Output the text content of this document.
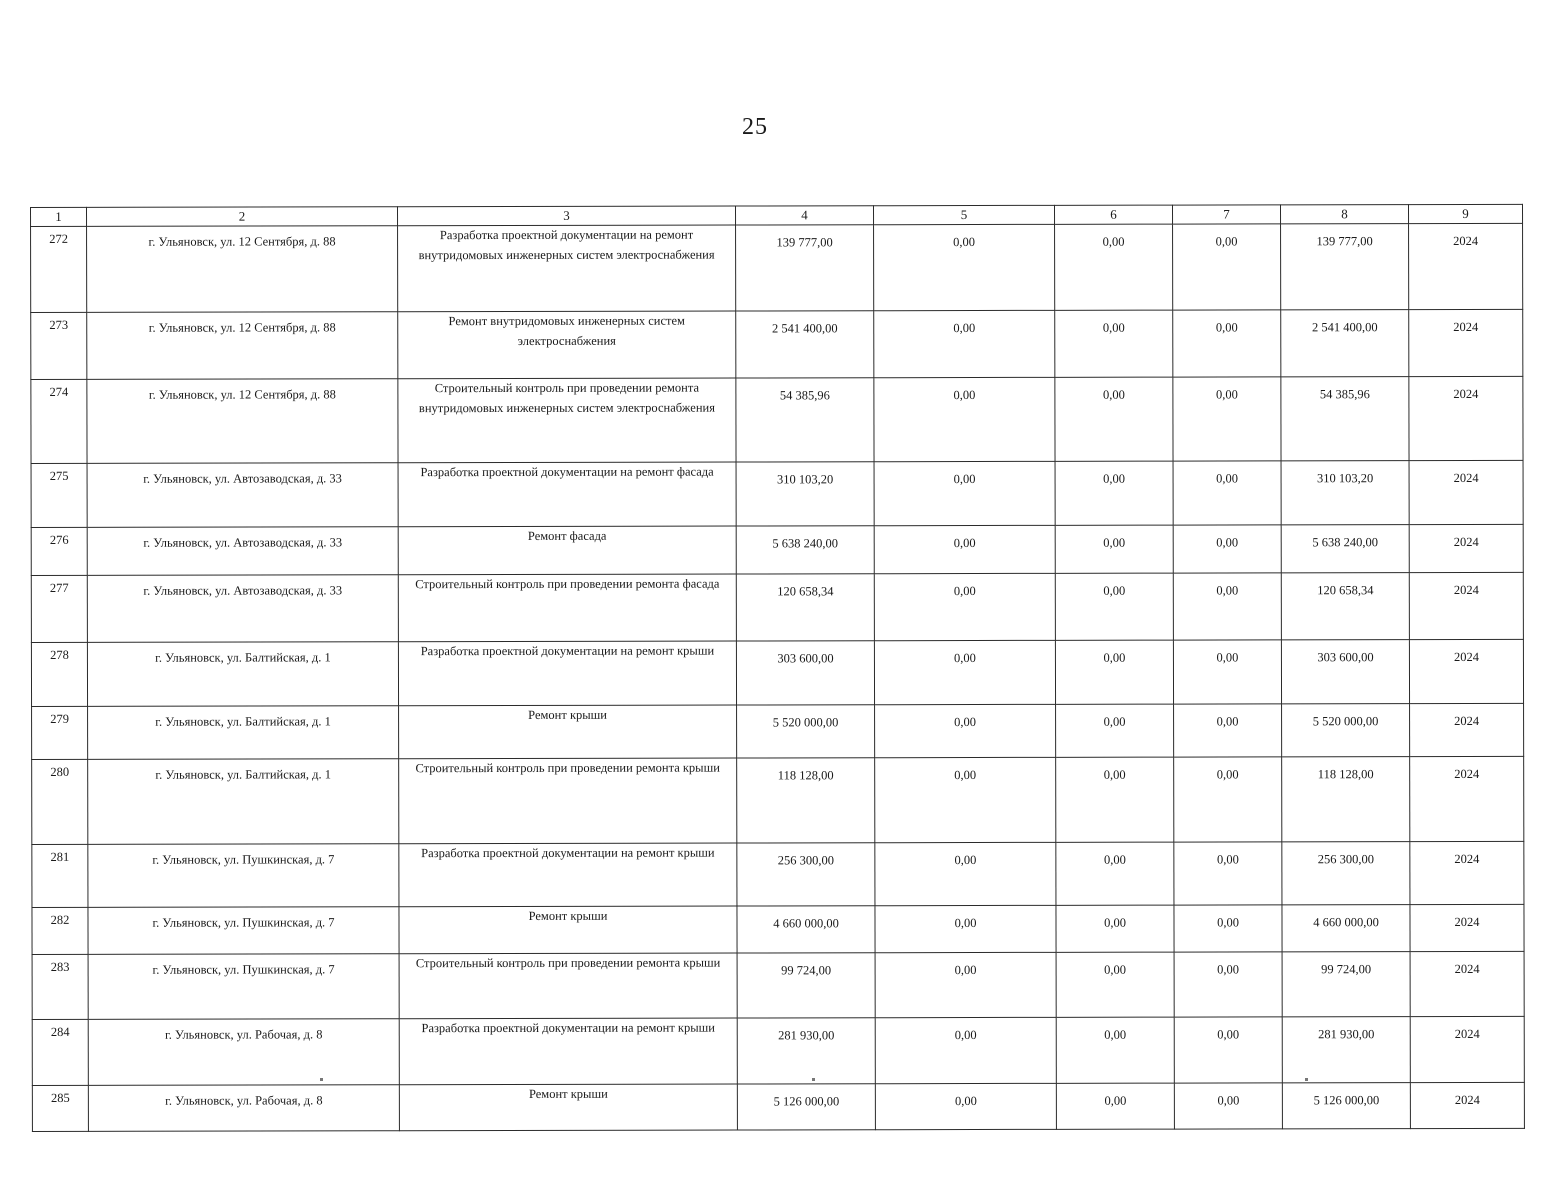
25
1	2	3	4	5	6	7	8	9
272	г. Ульяновск, ул. 12 Сентября, д. 88	Разработка проектной документации на ремонт внутридомовых инженерных систем электроснабжения	139 777,00	0,00	0,00	0,00	139 777,00	2024
273	г. Ульяновск, ул. 12 Сентября, д. 88	Ремонт внутридомовых инженерных систем электроснабжения	2 541 400,00	0,00	0,00	0,00	2 541 400,00	2024
274	г. Ульяновск, ул. 12 Сентября, д. 88	Строительный контроль при проведении ремонта внутридомовых инженерных систем электроснабжения	54 385,96	0,00	0,00	0,00	54 385,96	2024
275	г. Ульяновск, ул. Автозаводская, д. 33	Разработка проектной документации на ремонт фасада	310 103,20	0,00	0,00	0,00	310 103,20	2024
276	г. Ульяновск, ул. Автозаводская, д. 33	Ремонт фасада	5 638 240,00	0,00	0,00	0,00	5 638 240,00	2024
277	г. Ульяновск, ул. Автозаводская, д. 33	Строительный контроль при проведении ремонта фасада	120 658,34	0,00	0,00	0,00	120 658,34	2024
278	г. Ульяновск, ул. Балтийская, д. 1	Разработка проектной документации на ремонт крыши	303 600,00	0,00	0,00	0,00	303 600,00	2024
279	г. Ульяновск, ул. Балтийская, д. 1	Ремонт крыши	5 520 000,00	0,00	0,00	0,00	5 520 000,00	2024
280	г. Ульяновск, ул. Балтийская, д. 1	Строительный контроль при проведении ремонта крыши	118 128,00	0,00	0,00	0,00	118 128,00	2024
281	г. Ульяновск, ул. Пушкинская, д. 7	Разработка проектной документации на ремонт крыши	256 300,00	0,00	0,00	0,00	256 300,00	2024
282	г. Ульяновск, ул. Пушкинская, д. 7	Ремонт крыши	4 660 000,00	0,00	0,00	0,00	4 660 000,00	2024
283	г. Ульяновск, ул. Пушкинская, д. 7	Строительный контроль при проведении ремонта крыши	99 724,00	0,00	0,00	0,00	99 724,00	2024
284	г. Ульяновск, ул. Рабочая, д. 8	Разработка проектной документации на ремонт крыши	281 930,00	0,00	0,00	0,00	281 930,00	2024
285	г. Ульяновск, ул. Рабочая, д. 8	Ремонт крыши	5 126 000,00	0,00	0,00	0,00	5 126 000,00	2024
